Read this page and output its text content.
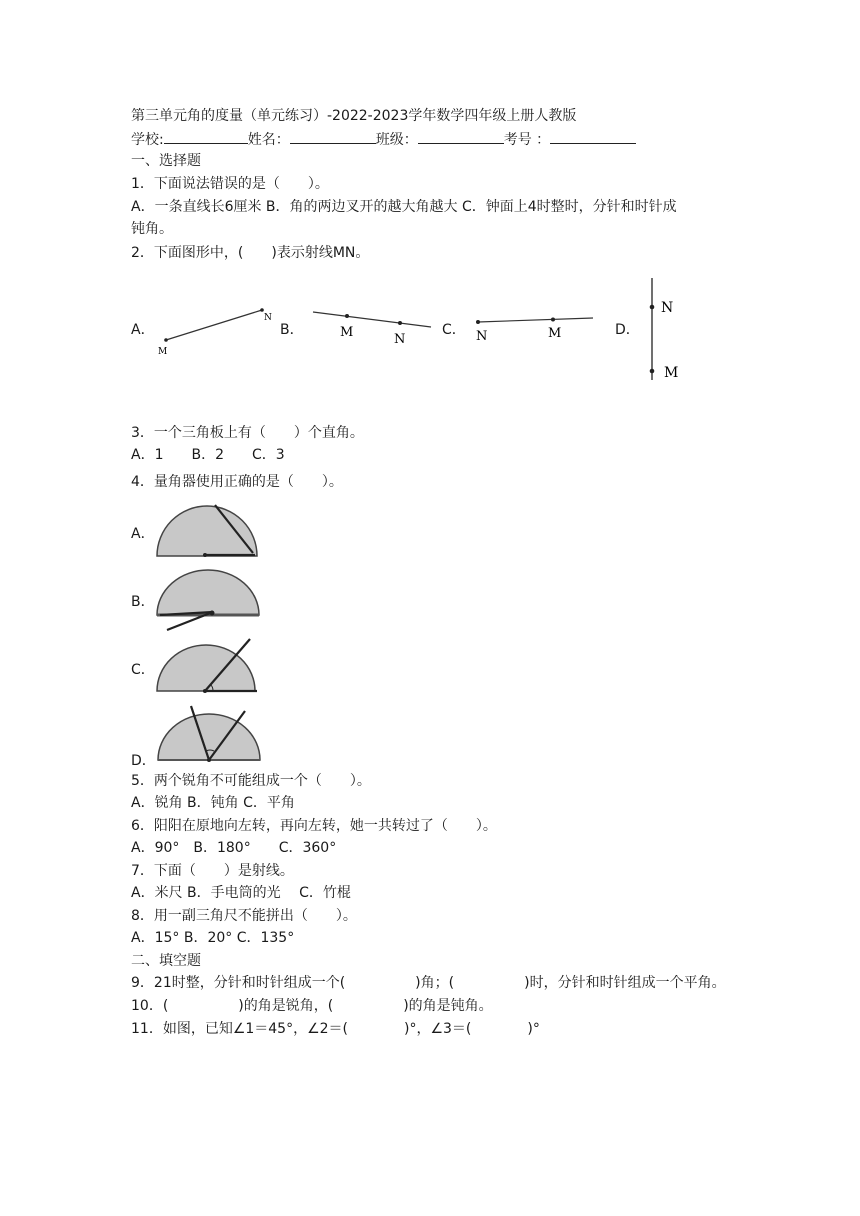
第三单元角的度量（单元练习）-2022-2023学年数学四年级上册人教版
学校:	姓名：	班级：	考号 ：
一、选择题
1．下面说法错误的是（　　）。
A．一条直线长6厘米 B．角的两边叉开的越大角越大 C．钟面上4时整时，分针和时针成
钝角。
2．下面图形中，(　　)表示射线MN。
A．
M
N
B．	M	N
C． N	M	D．
N
M
3．一个三角板上有（　　）个直角。
A．1　　B．2　　C．3
4．量角器使用正确的是（　　）。
A．
B．
C．
D．
5．两个锐角不可能组成一个（　　）。
A．锐角 B．钝角 C．平角
6．阳阳在原地向左转，再向左转，她一共转过了（　　）。
A．90°　B．180°　　C．360°
7．下面（　　）是射线。
A．米尺 B．手电筒的光　 C．竹棍
8．用一副三角尺不能拼出（　　）。
A．15° B．20° C．135°
二、填空题
9．21时整，分针和时针组成一个(　　　　　)角；(　　　　　)时，分针和时针组成一个平角。
10．(　　　　　)的角是锐角，(　　　　　)的角是钝角。
11．如图，已知∠1＝45°，∠2＝(　　　　)°，∠3＝(　　　　)°
